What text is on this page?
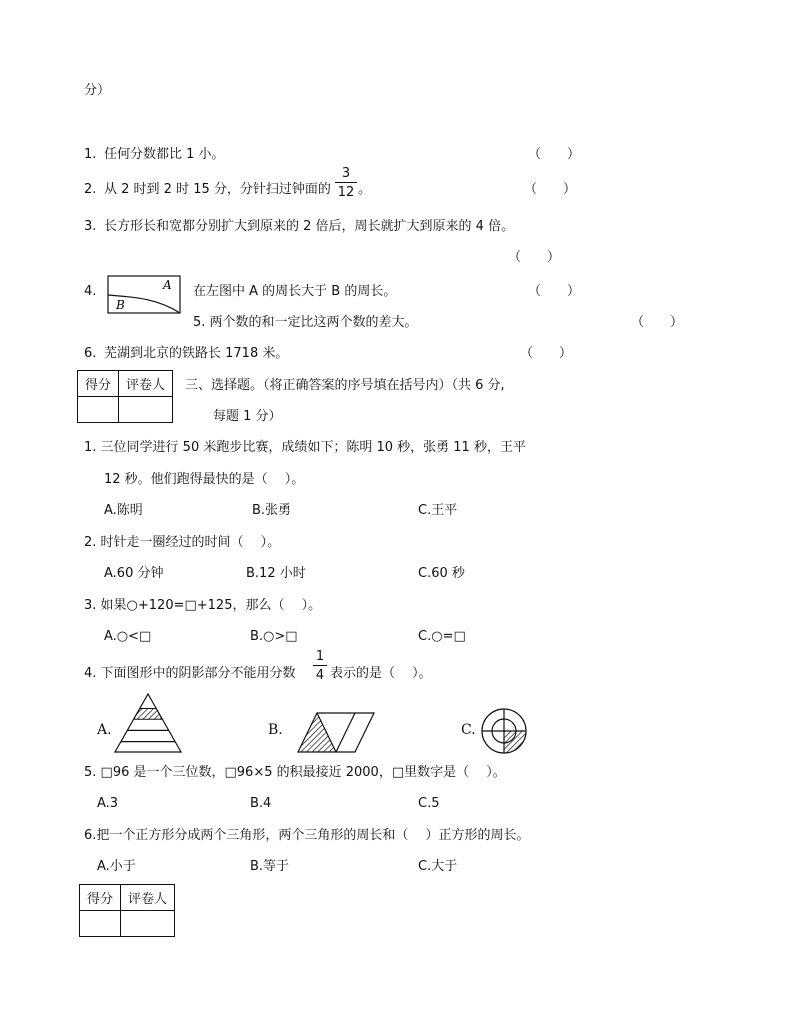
分）
1. 任何分数都比 1 小。	（　　）
2. 从 2 时到 2 时 15 分，分针扫过钟面的 $\frac{3}{12}$ 。	（　　）
3. 长方形长和宽都分别扩大到原来的 2 倍后，周长就扩大到原来的 4 倍。
（　　）
4.	A
B
在左图中 A 的周长大于 B 的周长。	（　　）
5. 两个数的和一定比这两个数的差大。	（　　）
6. 芜湖到北京的铁路长 1718 米。	（　　）
得分	评卷人
	三、选择题。（将正确答案的序号填在括号内）（共 6 分,
每题 1 分）
1. 三位同学进行 50 米跑步比赛，成绩如下；陈明 10 秒，张勇 11 秒，王平
12 秒。他们跑得最快的是（　 ）。
A.陈明	B.张勇	C.王平
2. 时针走一圈经过的时间（　 ）。
A.60 分钟	B.12 小时	C.60 秒
3. 如果○+120=□+125，那么（　 ）。
A.○<□	B.○>□	C.○=□
4. 下面图形中的阴影部分不能用分数 $\frac{1}{4}$ 表示的是（　 ）。
A.	B.	C.
5. □96 是一个三位数，□96×5 的积最接近 2000，□里数字是（　 ）。
A.3	B.4	C.5
6.把一个正方形分成两个三角形，两个三角形的周长和（　 ）正方形的周长。
A.小于	B.等于	C.大于
得分	评卷人
